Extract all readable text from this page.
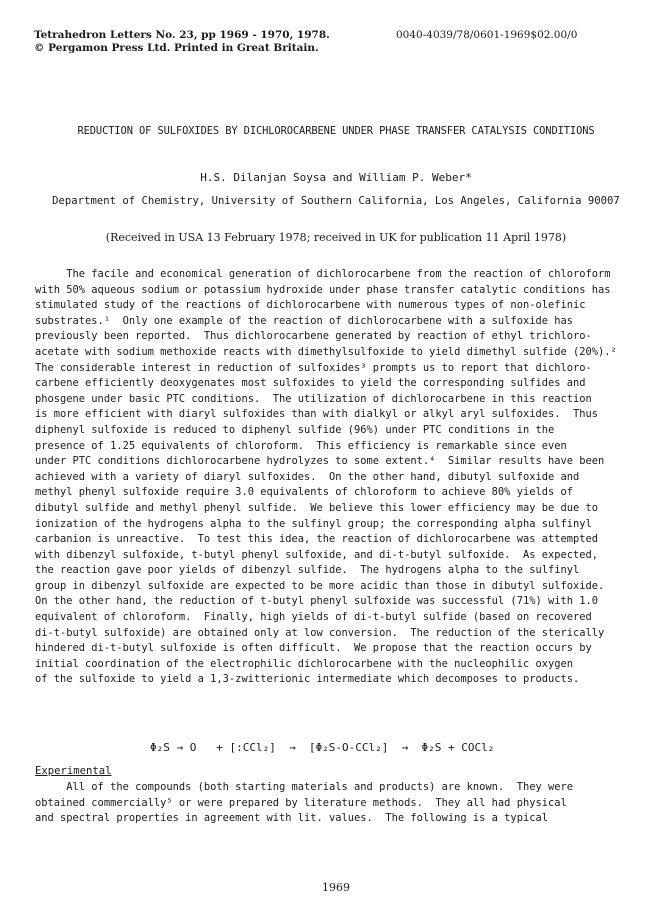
Tetrahedron Letters No. 23, pp 1969 - 1970, 1978.
© Pergamon Press Ltd. Printed in Great Britain.
0040-4039/78/0601-1969$02.00/0
REDUCTION OF SULFOXIDES BY DICHLOROCARBENE UNDER PHASE TRANSFER CATALYSIS CONDITIONS
H.S. Dilanjan Soysa and William P. Weber*
Department of Chemistry, University of Southern California, Los Angeles, California 90007
(Received in USA 13 February 1978; received in UK for publication 11 April 1978)
The facile and economical generation of dichlorocarbene from the reaction of chloroform
with 50% aqueous sodium or potassium hydroxide under phase transfer catalytic conditions has
stimulated study of the reactions of dichlorocarbene with numerous types of non-olefinic
substrates.¹  Only one example of the reaction of dichlorocarbene with a sulfoxide has
previously been reported.  Thus dichlorocarbene generated by reaction of ethyl trichloro-
acetate with sodium methoxide reacts with dimethylsulfoxide to yield dimethyl sulfide (20%).²
The considerable interest in reduction of sulfoxides³ prompts us to report that dichloro-
carbene efficiently deoxygenates most sulfoxides to yield the corresponding sulfides and
phosgene under basic PTC conditions.  The utilization of dichlorocarbene in this reaction
is more efficient with diaryl sulfoxides than with dialkyl or alkyl aryl sulfoxides.  Thus
diphenyl sulfoxide is reduced to diphenyl sulfide (96%) under PTC conditions in the
presence of 1.25 equivalents of chloroform.  This efficiency is remarkable since even
under PTC conditions dichlorocarbene hydrolyzes to some extent.⁴  Similar results have been
achieved with a variety of diaryl sulfoxides.  On the other hand, dibutyl sulfoxide and
methyl phenyl sulfoxide require 3.0 equivalents of chloroform to achieve 80% yields of
dibutyl sulfide and methyl phenyl sulfide.  We believe this lower efficiency may be due to
ionization of the hydrogens alpha to the sulfinyl group; the corresponding alpha sulfinyl
carbanion is unreactive.  To test this idea, the reaction of dichlorocarbene was attempted
with dibenzyl sulfoxide, t-butyl phenyl sulfoxide, and di-t-butyl sulfoxide.  As expected,
the reaction gave poor yields of dibenzyl sulfide.  The hydrogens alpha to the sulfinyl
group in dibenzyl sulfoxide are expected to be more acidic than those in dibutyl sulfoxide.
On the other hand, the reduction of t-butyl phenyl sulfoxide was successful (71%) with 1.0
equivalent of chloroform.  Finally, high yields of di-t-butyl sulfide (based on recovered
di-t-butyl sulfoxide) are obtained only at low conversion.  The reduction of the sterically
hindered di-t-butyl sulfoxide is often difficult.  We propose that the reaction occurs by
initial coordination of the electrophilic dichlorocarbene with the nucleophilic oxygen
of the sulfoxide to yield a 1,3-zwitterionic intermediate which decomposes to products.
Φ₂S → O   + [:CCl₂]  →  [Φ₂S-O-CCl₂]  →  Φ₂S + COCl₂
Experimental
All of the compounds (both starting materials and products) are known.  They were
obtained commercially⁵ or were prepared by literature methods.  They all had physical
and spectral properties in agreement with lit. values.  The following is a typical
1969
